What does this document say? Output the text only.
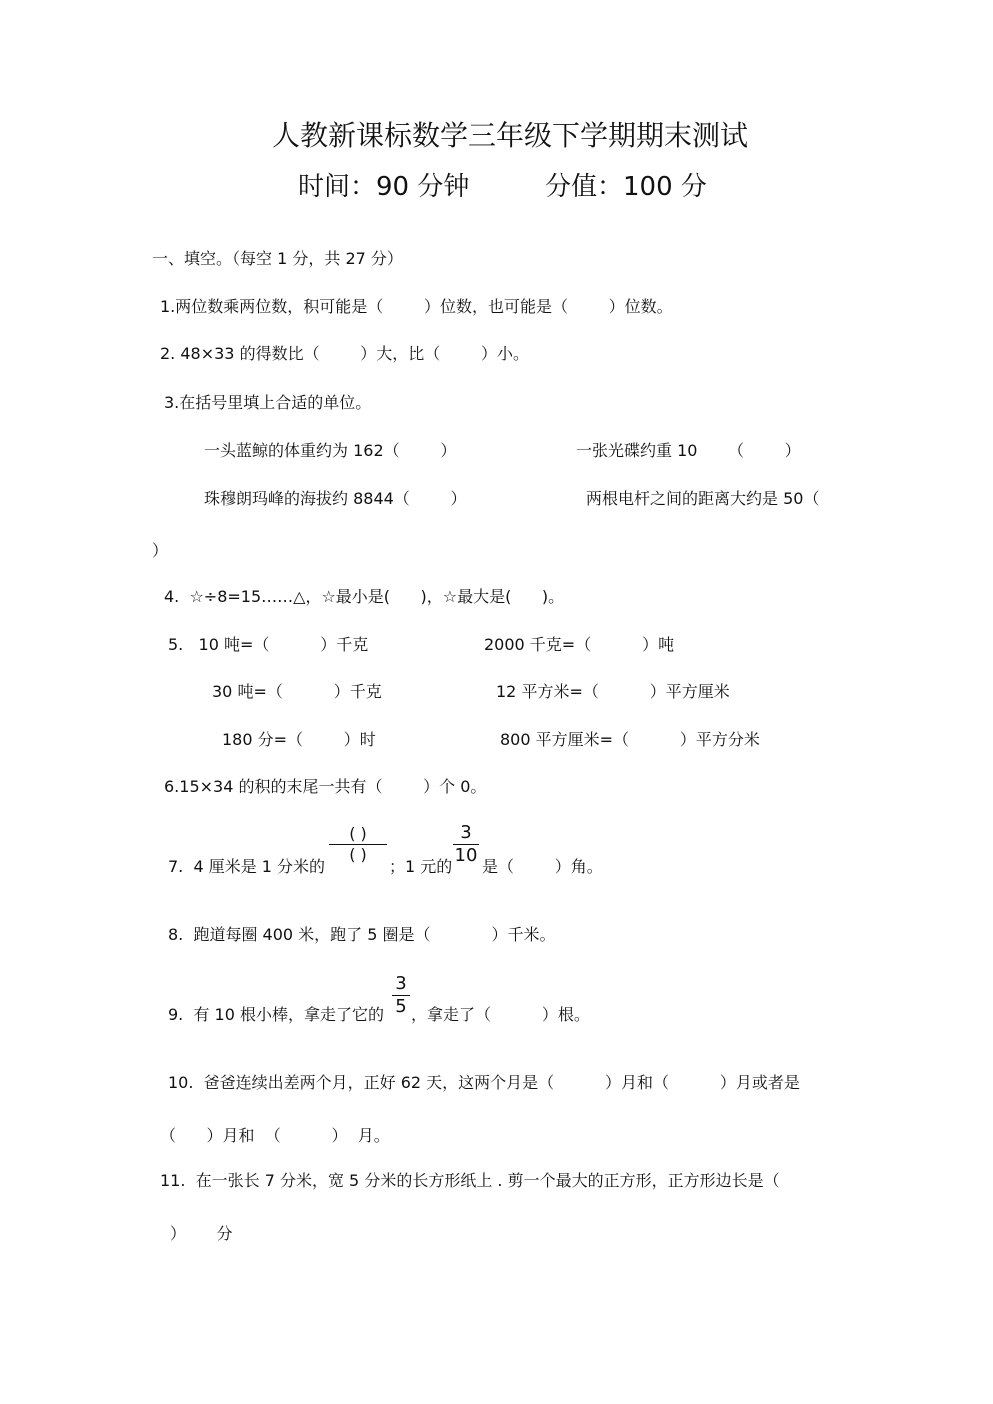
人教新课标数学三年级下学期期末测试
时间：90 分钟	分值：100 分
一、填空。（每空 1 分，共 27 分）
1.两位数乘两位数，积可能是（        ）位数，也可能是（        ）位数。
2. 48×33 的得数比（        ）大，比（        ）小。
3.在括号里填上合适的单位。
一头蓝鲸的体重约为 162（        ）	一张光碟约重 10      （        ）
珠穆朗玛峰的海拔约 8844（        ）	两根电杆之间的距离大约是 50（
）
4.  ☆÷8=15……△，☆最小是(      )，☆最大是(      )。
5.   10 吨=（          ）千克	2000 千克=（          ）吨
30 吨=（          ）千克	12 平方米=（          ）平方厘米
180 分=（        ）时	800 平方厘米=（          ）平方分米
6.15×34 的积的末尾一共有（        ）个 0。
7.  4 厘米是 1 分米的
( )
( )
；1 元的
3
10
是（        ）角。
8.  跑道每圈 400 米，跑了 5 圈是（            ）千米。
9.  有 10 根小棒，拿走了它的
3
5 ，拿走了（          ）根。
10.  爸爸连续出差两个月，正好 62 天，这两个月是（          ）月和（          ）月或者是
（      ）月和  （          ）  月。
11.  在一张长 7 分米，宽 5 分米的长方形纸上 . 剪一个最大的正方形，正方形边长是（
）      分
